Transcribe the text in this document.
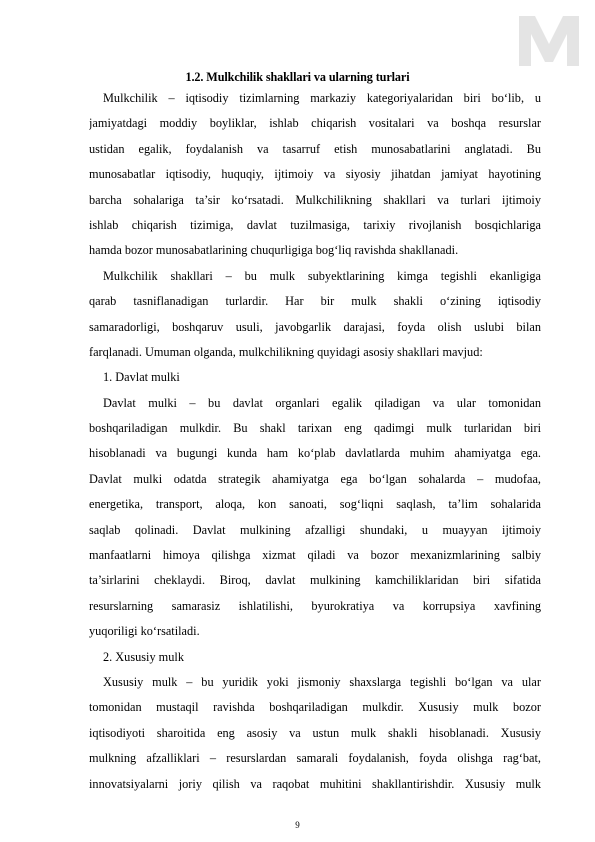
1.2. Mulkchilik shakllari va ularning turlari
Mulkchilik – iqtisodiy tizimlarning markaziy kategoriyalaridan biri bo‘lib, u
jamiyatdagi moddiy boyliklar, ishlab chiqarish vositalari va boshqa resurslar
ustidan egalik, foydalanish va tasarruf etish munosabatlarini anglatadi. Bu
munosabatlar iqtisodiy, huquqiy, ijtimoiy va siyosiy jihatdan jamiyat hayotining
barcha sohalariga ta’sir ko‘rsatadi. Mulkchilikning shakllari va turlari ijtimoiy
ishlab chiqarish tizimiga, davlat tuzilmasiga, tarixiy rivojlanish bosqichlariga
hamda bozor munosabatlarining chuqurligiga bog‘liq ravishda shakllanadi.
Mulkchilik shakllari – bu mulk subyektlarining kimga tegishli ekanligiga
qarab tasniflanadigan turlardir. Har bir mulk shakli o‘zining iqtisodiy
samaradorligi, boshqaruv usuli, javobgarlik darajasi, foyda olish uslubi bilan
farqlanadi. Umuman olganda, mulkchilikning quyidagi asosiy shakllari mavjud:
1. Davlat mulki
Davlat mulki – bu davlat organlari egalik qiladigan va ular tomonidan
boshqariladigan mulkdir. Bu shakl tarixan eng qadimgi mulk turlaridan biri
hisoblanadi va bugungi kunda ham ko‘plab davlatlarda muhim ahamiyatga ega.
Davlat mulki odatda strategik ahamiyatga ega bo‘lgan sohalarda – mudofaa,
energetika, transport, aloqa, kon sanoati, sog‘liqni saqlash, ta’lim sohalarida
saqlab qolinadi. Davlat mulkining afzalligi shundaki, u muayyan ijtimoiy
manfaatlarni himoya qilishga xizmat qiladi va bozor mexanizmlarining salbiy
ta’sirlarini cheklaydi. Biroq, davlat mulkining kamchiliklaridan biri sifatida
resurslarning samarasiz ishlatilishi, byurokratiya va korrupsiya xavfining
yuqoriligi ko‘rsatiladi.
2. Xususiy mulk
Xususiy mulk – bu yuridik yoki jismoniy shaxslarga tegishli bo‘lgan va ular
tomonidan mustaqil ravishda boshqariladigan mulkdir. Xususiy mulk bozor
iqtisodiyoti sharoitida eng asosiy va ustun mulk shakli hisoblanadi. Xususiy
mulkning afzalliklari – resurslardan samarali foydalanish, foyda olishga rag‘bat,
innovatsiyalarni joriy qilish va raqobat muhitini shakllantirishdir. Xususiy mulk
9
